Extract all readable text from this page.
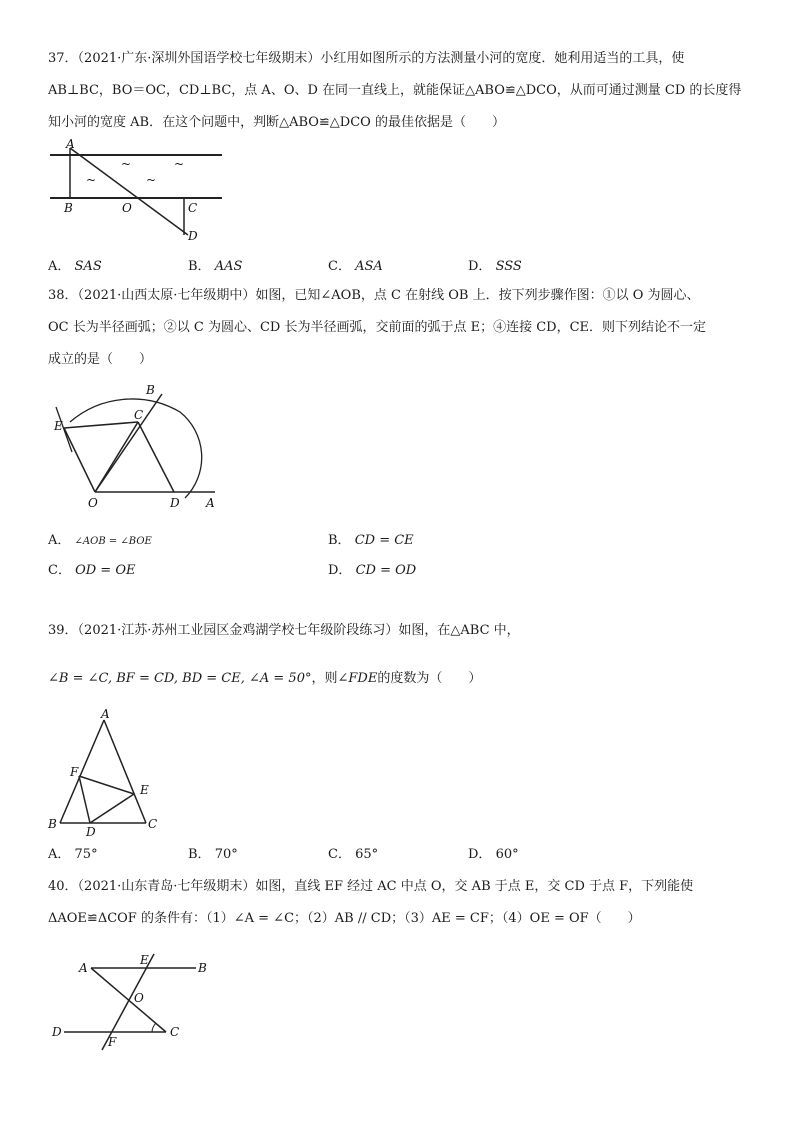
37．（2021·广东·深圳外国语学校七年级期末）小红用如图所示的方法测量小河的宽度．她利用适当的工具，使
AB⊥BC，BO＝OC，CD⊥BC，点 A、O、D 在同一直线上，就能保证△ABO≌△DCO，从而可通过测量 CD 的长度得
知小河的宽度 AB．在这个问题中，判断△ABO≌△DCO 的最佳依据是（　　）
A
B	O	C
D
~	~
~	~
A． SAS	B． AAS	C． ASA	D． SSS
38．（2021·山西太原·七年级期中）如图，已知∠AOB，点 C 在射线 OB 上．按下列步骤作图：①以 O 为圆心、
OC 长为半径画弧；②以 C 为圆心、CD 长为半径画弧，交前面的弧于点 E；④连接 CD，CE．则下列结论不一定
成立的是（　　）
B
E
C
O	D A
A． ∠AOB = ∠BOE	B． CD = CE
C． OD = OE	D． CD = OD
39．（2021·江苏·苏州工业园区金鸡湖学校七年级阶段练习）如图，在△ABC 中，
∠B = ∠C, BF = CD, BD = CE, ∠A = 50°，则∠FDE的度数为（　　）
A
F
E
B
D
C
A． 75°	B． 70°	C． 65°	D． 60°
40．（2021·山东青岛·七年级期末）如图，直线 EF 经过 AC 中点 O，交 AB 于点 E，交 CD 于点 F，下列能使
ΔAOE≌ΔCOF 的条件有：（1）∠A = ∠C；（2）AB // CD；（3）AE = CF；（4）OE = OF（　　）
A
E
B
O
D
F
C
